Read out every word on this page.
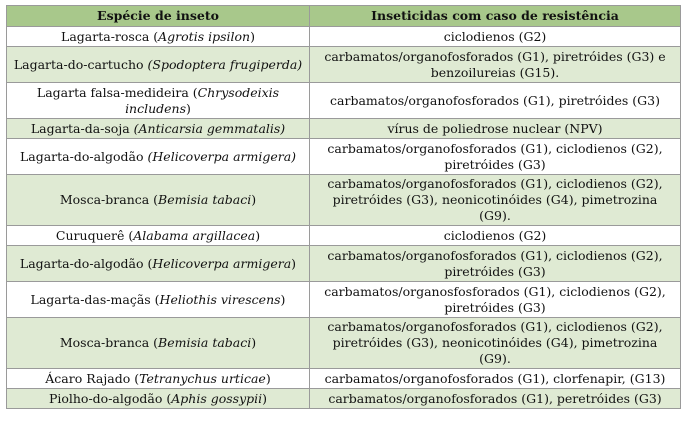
Espécie de inseto	Inseticidas com caso de resistência
Lagarta-rosca (Agrotis ipsilon)	ciclodienos (G2)
Lagarta-do-cartucho (Spodoptera frugiperda)	carbamatos/organofosforados (G1), piretróides (G3) e benzoilureias (G15).
Lagarta falsa-medideira (Chrysodeixis includens)	carbamatos/organofosforados (G1), piretróides (G3)
Lagarta-da-soja (Anticarsia gemmatalis)	vírus de poliedrose nuclear (NPV)
Lagarta-do-algodão (Helicoverpa armigera)	carbamatos/organofosforados (G1), ciclodienos (G2), piretróides (G3)
Mosca-branca (Bemisia tabaci)	carbamatos/organofosforados (G1), ciclodienos (G2), piretróides (G3), neonicotinóides (G4), pimetrozina (G9).
Curuquerê (Alabama argillacea)	ciclodienos (G2)
Lagarta-do-algodão (Helicoverpa armigera)	carbamatos/organofosforados (G1), ciclodienos (G2), piretróides (G3)
Lagarta-das-maçãs (Heliothis virescens)	carbamatos/organosfosforados (G1), ciclodienos (G2), piretróides (G3)
Mosca-branca (Bemisia tabaci)	carbamatos/organofosforados (G1), ciclodienos (G2), piretróides (G3), neonicotinóides (G4), pimetrozina (G9).
Ácaro Rajado (Tetranychus urticae)	carbamatos/organofosforados (G1), clorfenapir, (G13)
Piolho-do-algodão (Aphis gossypii)	carbamatos/organofosforados (G1), peretróides (G3)
